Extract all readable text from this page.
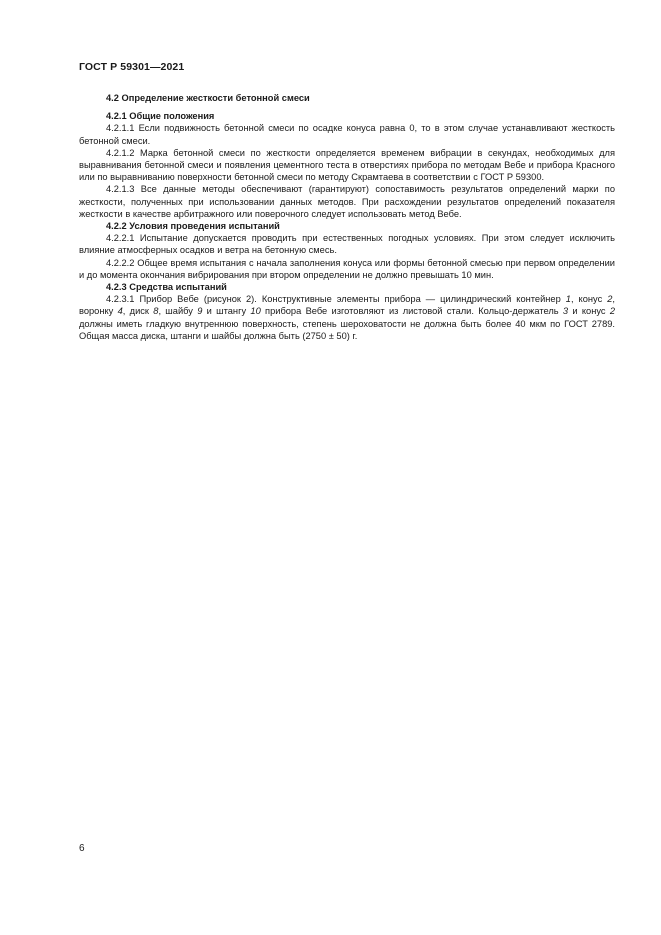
ГОСТ Р 59301—2021

4.2 Определение жесткости бетонной смеси

4.2.1 Общие положения

4.2.1.1 Если подвижность бетонной смеси по осадке конуса равна 0, то в этом случае устанавливают жесткость бетонной смеси.

4.2.1.2 Марка бетонной смеси по жесткости определяется временем вибрации в секундах, необходимых для выравнивания бетонной смеси и появления цементного теста в отверстиях прибора по методам Вебе и прибора Красного или по выравниванию поверхности бетонной смеси по методу Скрамтаева в соответствии с ГОСТ Р 59300.

4.2.1.3 Все данные методы обеспечивают (гарантируют) сопоставимость результатов определений марки по жесткости, полученных при использовании данных методов. При расхождении результатов определений показателя жесткости в качестве арбитражного или поверочного следует использовать метод Вебе.

4.2.2 Условия проведения испытаний

4.2.2.1 Испытание допускается проводить при естественных погодных условиях. При этом следует исключить влияние атмосферных осадков и ветра на бетонную смесь.

4.2.2.2 Общее время испытания с начала заполнения конуса или формы бетонной смесью при первом определении и до момента окончания вибрирования при втором определении не должно превышать 10 мин.

4.2.3 Средства испытаний

4.2.3.1 Прибор Вебе (рисунок 2). Конструктивные элементы прибора — цилиндрический контейнер 1, конус 2, воронку 4, диск 8, шайбу 9 и штангу 10 прибора Вебе изготовляют из листовой стали. Кольцо-держатель 3 и конус 2 должны иметь гладкую внутреннюю поверхность, степень шероховатости не должна быть более 40 мкм по ГОСТ 2789. Общая масса диска, штанги и шайбы должна быть (2750 ± 50) г.

6
